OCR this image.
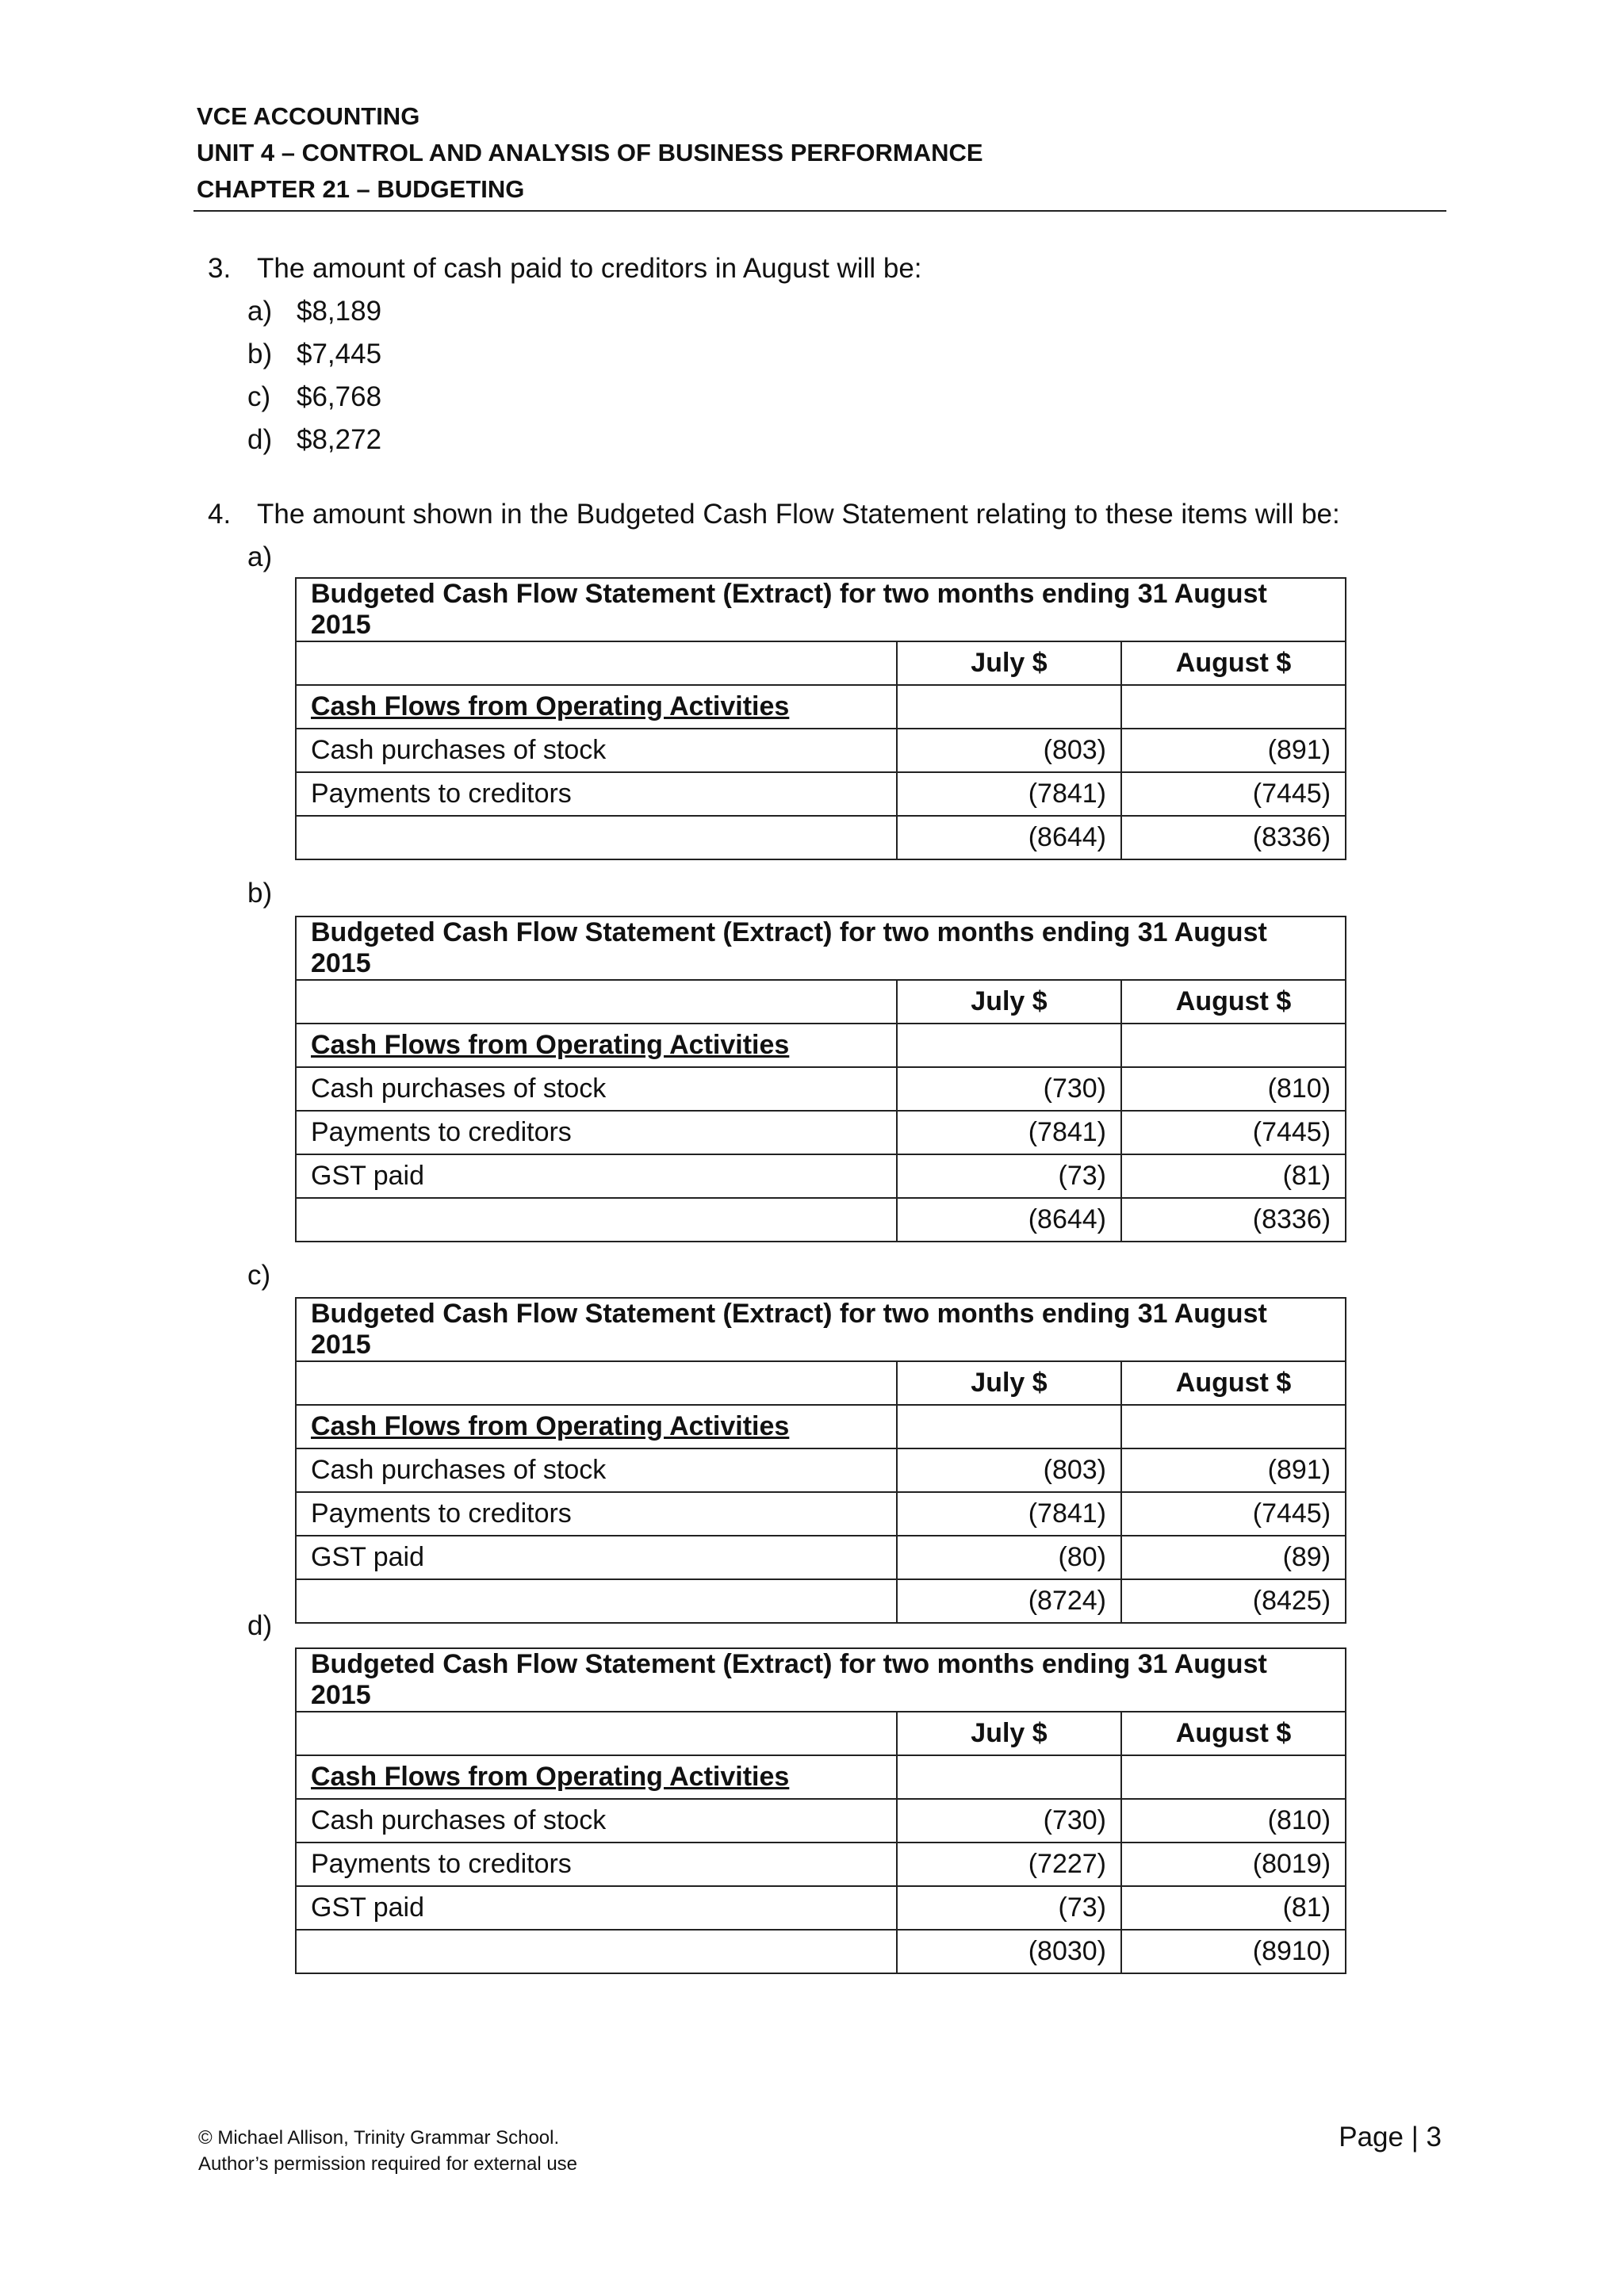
VCE ACCOUNTING
UNIT 4 – CONTROL AND ANALYSIS OF BUSINESS PERFORMANCE
CHAPTER 21 – BUDGETING
3. The amount of cash paid to creditors in August will be:
a) $8,189
b) $7,445
c) $6,768
d) $8,272
4. The amount shown in the Budgeted Cash Flow Statement relating to these items will be:
a)
Budgeted Cash Flow Statement (Extract) for two months ending 31 August 2015		
	July $	August $
Cash Flows from Operating Activities		
Cash purchases of stock	(803)	(891)
Payments to creditors	(7841)	(7445)
	(8644)	(8336)
b)
Budgeted Cash Flow Statement (Extract) for two months ending 31 August 2015		
	July $	August $
Cash Flows from Operating Activities		
Cash purchases of stock	(730)	(810)
Payments to creditors	(7841)	(7445)
GST paid	(73)	(81)
	(8644)	(8336)
c)
Budgeted Cash Flow Statement (Extract) for two months ending 31 August 2015		
	July $	August $
Cash Flows from Operating Activities		
Cash purchases of stock	(803)	(891)
Payments to creditors	(7841)	(7445)
GST paid	(80)	(89)
	(8724)	(8425)
d)
Budgeted Cash Flow Statement (Extract) for two months ending 31 August 2015		
	July $	August $
Cash Flows from Operating Activities		
Cash purchases of stock	(730)	(810)
Payments to creditors	(7227)	(8019)
GST paid	(73)	(81)
	(8030)	(8910)
© Michael Allison, Trinity Grammar School.
Author’s permission required for external use
Page | 3
